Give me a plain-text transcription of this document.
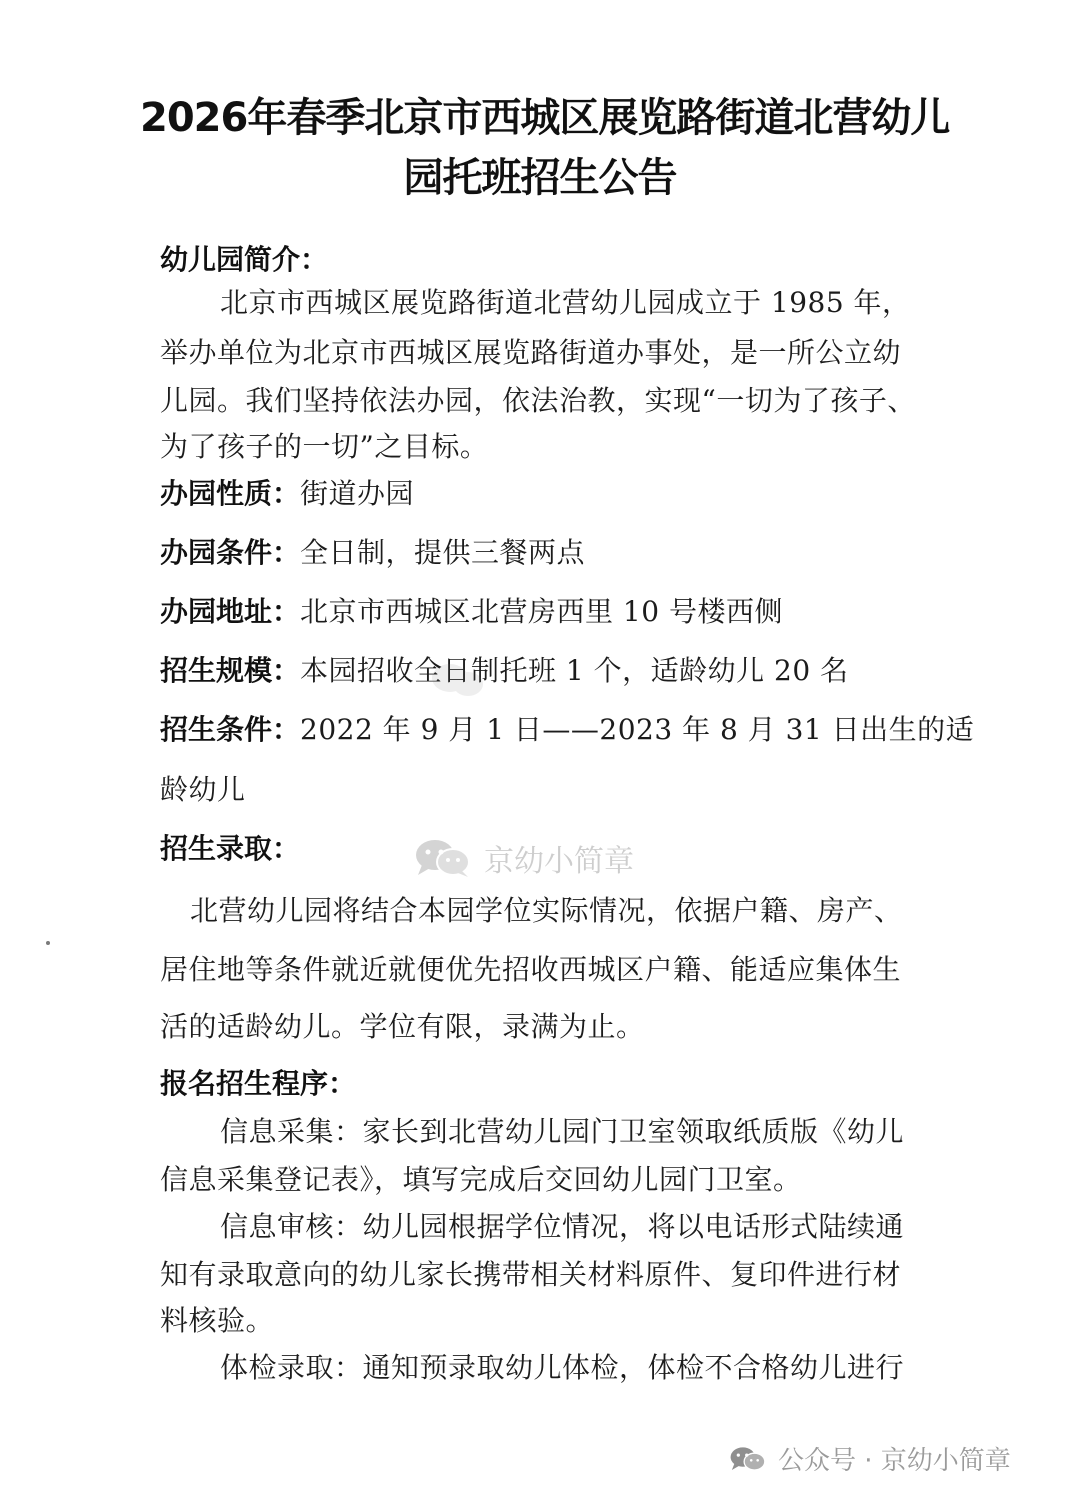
2026年春季北京市西城区展览路街道北营幼儿
园托班招生公告
幼儿园简介：
北京市西城区展览路街道北营幼儿园成立于 1985 年，
举办单位为北京市西城区展览路街道办事处，是一所公立幼
儿园。我们坚持依法办园，依法治教，实现“一切为了孩子、
为了孩子的一切”之目标。
办园性质：街道办园
办园条件：全日制，提供三餐两点
办园地址：北京市西城区北营房西里 10 号楼西侧
招生规模：本园招收全日制托班 1 个，适龄幼儿 20 名
招生条件：2022 年 9 月 1 日——2023 年 8 月 31 日出生的适
龄幼儿
招生录取：
北营幼儿园将结合本园学位实际情况，依据户籍、房产、
居住地等条件就近就便优先招收西城区户籍、能适应集体生
活的适龄幼儿。学位有限，录满为止。
报名招生程序：
信息采集：家长到北营幼儿园门卫室领取纸质版《幼儿
信息采集登记表》，填写完成后交回幼儿园门卫室。
信息审核：幼儿园根据学位情况，将以电话形式陆续通
知有录取意向的幼儿家长携带相关材料原件、复印件进行材
料核验。
体检录取：通知预录取幼儿体检，体检不合格幼儿进行
京幼小简章
公众号 · 京幼小简章
